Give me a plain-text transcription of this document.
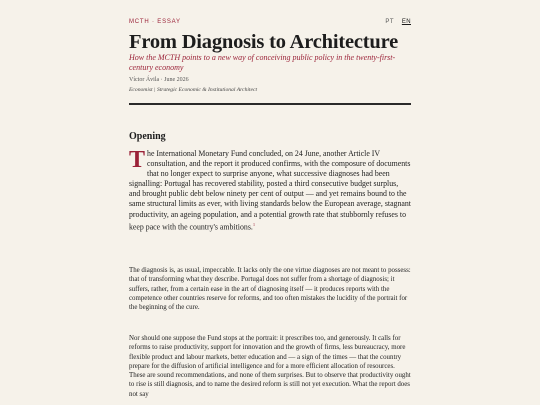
MCTH · ESSAY	PT EN
From Diagnosis to Architecture
How the MCTH points to a new way of conceiving public policy in the twenty-first-century economy
Víctor Ávila · June 2026
Economist | Strategic Economic & Institutional Architect
Opening

The International Monetary Fund concluded, on 24 June, another Article IV consultation, and the report it produced confirms, with the composure of documents that no longer expect to surprise anyone, what successive diagnoses had been signalling: Portugal has recovered stability, posted a third consecutive budget surplus, and brought public debt below ninety per cent of output — and yet remains bound to the same structural limits as ever, with living standards below the European average, stagnant productivity, an ageing population, and a potential growth rate that stubbornly refuses to keep pace with the country's ambitions.$^1$

The diagnosis is, as usual, impeccable. It lacks only the one virtue diagnoses are not meant to possess: that of transforming what they describe. Portugal does not suffer from a shortage of diagnosis; it suffers, rather, from a certain ease in the art of diagnosing itself — it produces reports with the competence other countries reserve for reforms, and too often mistakes the lucidity of the portrait for the beginning of the cure.

Nor should one suppose the Fund stops at the portrait: it prescribes too, and generously. It calls for reforms to raise productivity, support for innovation and the growth of firms, less bureaucracy, more flexible product and labour markets, better education and — a sign of the times — that the country prepare for the diffusion of artificial intelligence and for a more efficient allocation of resources. These are sound recommendations, and none of them surprises. But to observe that productivity ought to rise is still diagnosis, and to name the desired reform is still not yet execution. What the report does not say
